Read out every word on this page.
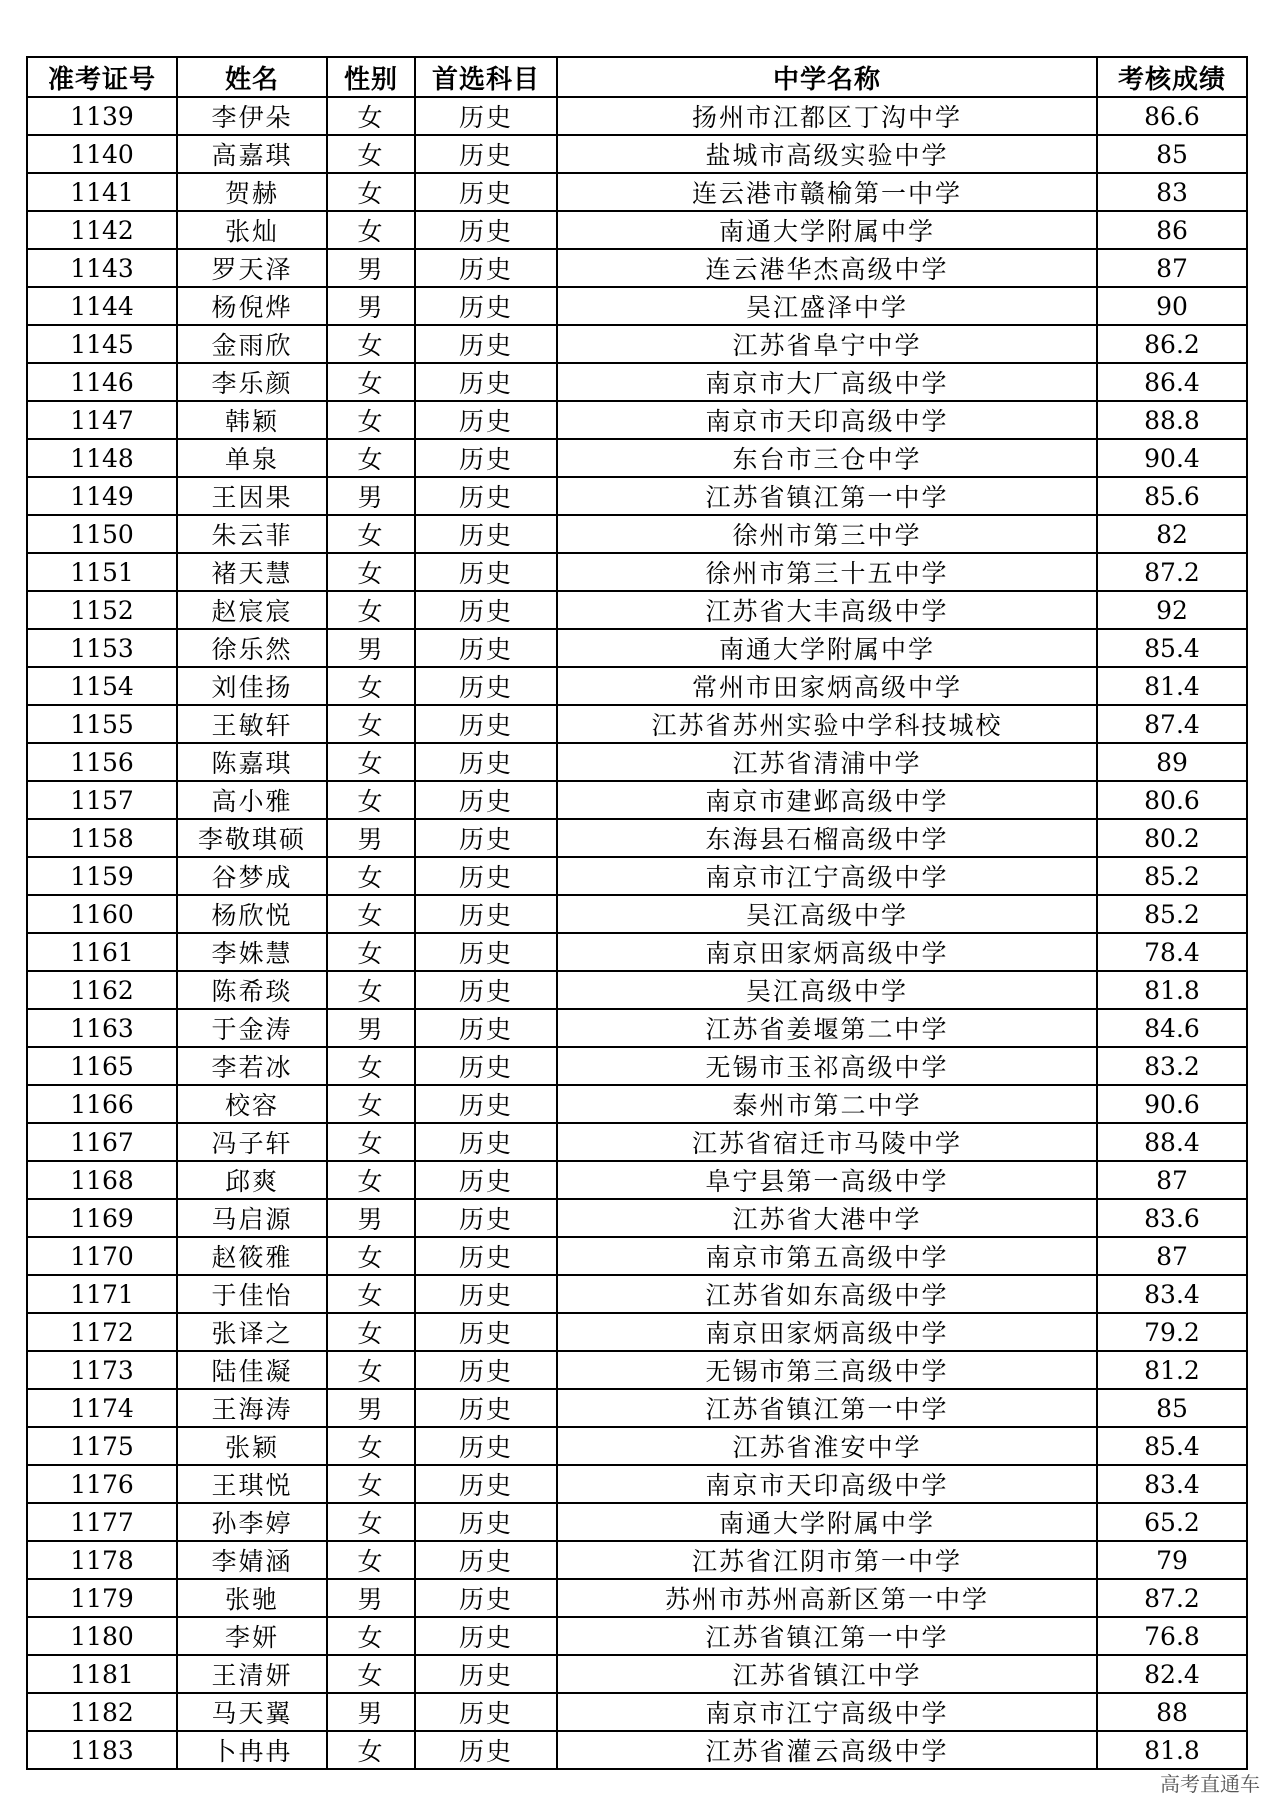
准考证号	姓名	性别	首选科目	中学名称	考核成绩
1139	李伊朵	女	历史	扬州市江都区丁沟中学	86.6
1140	高嘉琪	女	历史	盐城市高级实验中学	85
1141	贺赫	女	历史	连云港市赣榆第一中学	83
1142	张灿	女	历史	南通大学附属中学	86
1143	罗天泽	男	历史	连云港华杰高级中学	87
1144	杨倪烨	男	历史	吴江盛泽中学	90
1145	金雨欣	女	历史	江苏省阜宁中学	86.2
1146	李乐颜	女	历史	南京市大厂高级中学	86.4
1147	韩颖	女	历史	南京市天印高级中学	88.8
1148	单泉	女	历史	东台市三仓中学	90.4
1149	王因果	男	历史	江苏省镇江第一中学	85.6
1150	朱云菲	女	历史	徐州市第三中学	82
1151	褚天慧	女	历史	徐州市第三十五中学	87.2
1152	赵宸宸	女	历史	江苏省大丰高级中学	92
1153	徐乐然	男	历史	南通大学附属中学	85.4
1154	刘佳扬	女	历史	常州市田家炳高级中学	81.4
1155	王敏轩	女	历史	江苏省苏州实验中学科技城校	87.4
1156	陈嘉琪	女	历史	江苏省清浦中学	89
1157	高小雅	女	历史	南京市建邺高级中学	80.6
1158	李敬琪硕	男	历史	东海县石榴高级中学	80.2
1159	谷梦成	女	历史	南京市江宁高级中学	85.2
1160	杨欣悦	女	历史	吴江高级中学	85.2
1161	李姝慧	女	历史	南京田家炳高级中学	78.4
1162	陈希琰	女	历史	吴江高级中学	81.8
1163	于金涛	男	历史	江苏省姜堰第二中学	84.6
1165	李若冰	女	历史	无锡市玉祁高级中学	83.2
1166	校容	女	历史	泰州市第二中学	90.6
1167	冯子轩	女	历史	江苏省宿迁市马陵中学	88.4
1168	邱爽	女	历史	阜宁县第一高级中学	87
1169	马启源	男	历史	江苏省大港中学	83.6
1170	赵筱雅	女	历史	南京市第五高级中学	87
1171	于佳怡	女	历史	江苏省如东高级中学	83.4
1172	张译之	女	历史	南京田家炳高级中学	79.2
1173	陆佳凝	女	历史	无锡市第三高级中学	81.2
1174	王海涛	男	历史	江苏省镇江第一中学	85
1175	张颖	女	历史	江苏省淮安中学	85.4
1176	王琪悦	女	历史	南京市天印高级中学	83.4
1177	孙李婷	女	历史	南通大学附属中学	65.2
1178	李婧涵	女	历史	江苏省江阴市第一中学	79
1179	张驰	男	历史	苏州市苏州高新区第一中学	87.2
1180	李妍	女	历史	江苏省镇江第一中学	76.8
1181	王清妍	女	历史	江苏省镇江中学	82.4
1182	马天翼	男	历史	南京市江宁高级中学	88
1183	卜冉冉	女	历史	江苏省灌云高级中学	81.8
高考直通车
